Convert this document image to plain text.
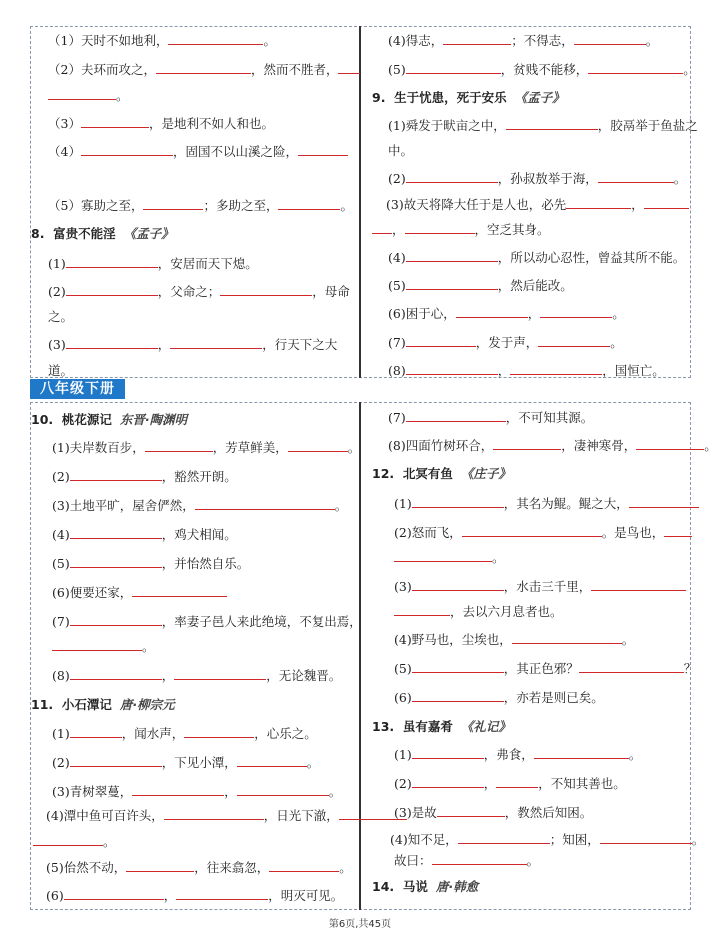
八年级下册
（1）天时不如地利，	。
（2）夫环而攻之，	，然而不胜者，
。
（3）	，是地利不如人和也。
（4）	，固国不以山溪之险，
（5）寡助之至，	；多助之至，	。
8.  富贵不能淫 《孟子》
(1)	，安居而天下熄。
(2)	，父命之；	，母命
之。
(3)	，	，行天下之大
道。
(4)得志，	；不得志，	。
(5)	，贫贱不能移，	。
9.  生于忧患，死于安乐 《孟子》
(1)舜发于畎亩之中，	，胶鬲举于鱼盐之
中。
(2)	，孙叔敖举于海，	。
(3)故天将降大任于是人也，必先	，
，	，空乏其身。
(4)	，所以动心忍性，曾益其所不能。
(5)	，然后能改。
(6)困于心，	，	。
(7)	，发于声，	。
(8)	，	，国恒亡。
10.  桃花源记 东晋·陶渊明
(1)夫岸数百步，	，芳草鲜美，	。
(2)	，豁然开朗。
(3)土地平旷，屋舍俨然，	。
(4)	，鸡犬相闻。
(5)	，并怡然自乐。
(6)便要还家，
(7)	，率妻子邑人来此绝境，不复出焉，
。
(8)	，	，无论魏晋。
11.  小石潭记 唐·柳宗元
(1)	，闻水声，	，心乐之。
(2)	，下见小潭，	。
(3)青树翠蔓，	，	。
(4)潭中鱼可百许头，	，日光下澈，
。
(5)佁然不动，	，往来翕忽，	。
(6)	，	，明灭可见。
(7)	，不可知其源。
(8)四面竹树环合，	，凄神寒骨，	。
12.  北冥有鱼 《庄子》
(1)	，其名为鲲。鲲之大，
(2)怒而飞，	。是鸟也，
。
(3)	，水击三千里，
，去以六月息者也。
(4)野马也，尘埃也，	。
(5)	，其正色邪？	？
(6)	，亦若是则已矣。
13.  虽有嘉肴 《礼记》
(1)	，弗食，	。
(2)	，	，不知其善也。
(3)是故	，教然后知困。
(4)知不足，	；知困，	。
故曰：	。
14.  马说 唐·韩愈
第6页,共45页
